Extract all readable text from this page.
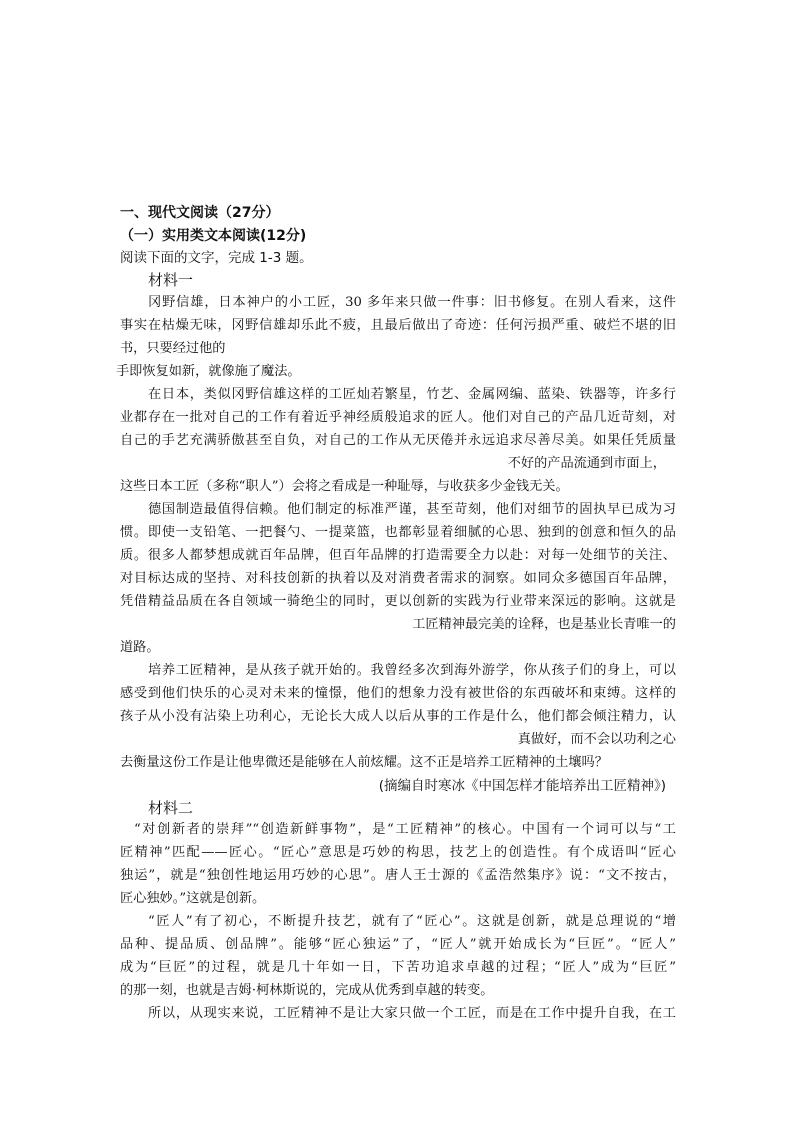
一、现代文阅读（27分）
（一）实用类文本阅读(12分)
阅读下面的文字，完成 1-3 题。
材料一
冈野信雄，日本神户的小工匠，30 多年来只做一件事：旧书修复。在别人看来，这件
事实在枯燥无味，冈野信雄却乐此不疲，且最后做出了奇迹：任何污损严重、破烂不堪的旧
书，只要经过他的
手即恢复如新，就像施了魔法。
在日本，类似冈野信雄这样的工匠灿若繁星，竹艺、金属网编、蓝染、铁器等，许多行
业都存在一批对自己的工作有着近乎神经质般追求的匠人。他们对自己的产品几近苛刻，对
自己的手艺充满骄傲甚至自负，对自己的工作从无厌倦并永远追求尽善尽美。如果任凭质量
不好的产品流通到市面上，
这些日本工匠（多称“职人”）会将之看成是一种耻辱，与收获多少金钱无关。
德国制造最值得信赖。他们制定的标准严谨，甚至苛刻，他们对细节的固执早已成为习
惯。即使一支铅笔、一把餐勺、一提菜篮，也都彰显着细腻的心思、独到的创意和恒久的品
质。很多人都梦想成就百年品牌，但百年品牌的打造需要全力以赴：对每一处细节的关注、
对目标达成的坚持、对科技创新的执着以及对消费者需求的洞察。如同众多德国百年品牌，
凭借精益品质在各自领域一骑绝尘的同时，更以创新的实践为行业带来深远的影响。这就是
工匠精神最完美的诠释，也是基业长青唯一的
道路。
培养工匠精神，是从孩子就开始的。我曾经多次到海外游学，你从孩子们的身上，可以
感受到他们快乐的心灵对未来的憧憬，他们的想象力没有被世俗的东西破坏和束缚。这样的
孩子从小没有沾染上功利心，无论长大成人以后从事的工作是什么，他们都会倾注精力，认
真做好，而不会以功利之心
去衡量这份工作是让他卑微还是能够在人前炫耀。这不正是培养工匠精神的土壤吗？
(摘编自时寒冰《中国怎样才能培养出工匠精神》)
材料二
“对创新者的崇拜”“创造新鲜事物”，是“工匠精神”的核心。中国有一个词可以与“工
匠精神”匹配——匠心。“匠心”意思是巧妙的构思，技艺上的创造性。有个成语叫“匠心
独运”，就是“独创性地运用巧妙的心思”。唐人王士源的《孟浩然集序》说：“文不按古，
匠心独妙。”这就是创新。
“匠人”有了初心，不断提升技艺，就有了“匠心”。这就是创新，就是总理说的“增
品种、提品质、创品牌”。能够“匠心独运”了，“匠人”就开始成长为“巨匠”。“匠人”
成为“巨匠”的过程，就是几十年如一日，下苦功追求卓越的过程；“匠人”成为“巨匠”
的那一刻，也就是吉姆·柯林斯说的，完成从优秀到卓越的转变。
所以，从现实来说，工匠精神不是让大家只做一个工匠，而是在工作中提升自我，在工
